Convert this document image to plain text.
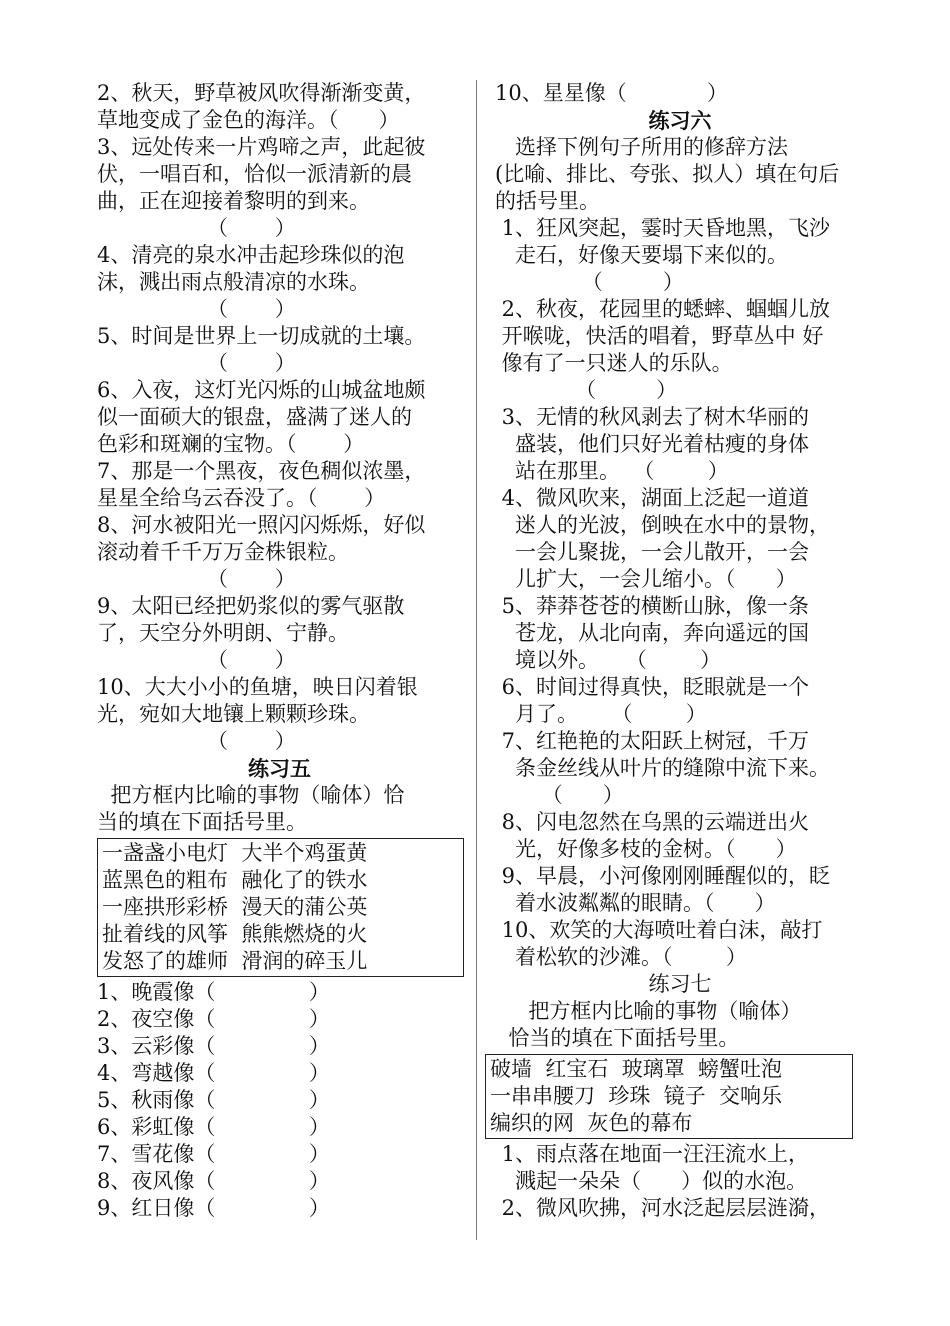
2、秋天，野草被风吹得渐渐变黄，

草地变成了金色的海洋。（      ）

3、远处传来一片鸡啼之声，此起彼

伏，一唱百和，恰似一派清新的晨

曲，正在迎接着黎明的到来。

（       ）

4、清亮的泉水冲击起珍珠似的泡

沫，溅出雨点般清凉的水珠。

（       ）

5、时间是世界上一切成就的土壤。

（       ）

6、入夜，这灯光闪烁的山城盆地颇

似一面硕大的银盘，盛满了迷人的

色彩和斑斓的宝物。（       ）

7、那是一个黑夜，夜色稠似浓墨，

星星全给乌云吞没了。（       ）

8、河水被阳光一照闪闪烁烁，好似

滚动着千千万万金株银粒。

（       ）

9、太阳已经把奶浆似的雾气驱散

了，天空分外明朗、宁静。

（       ）

10、大大小小的鱼塘，映日闪着银

光，宛如大地镶上颗颗珍珠。

（       ）

练习五

把方框内比喻的事物（喻体）恰

当的填在下面括号里。

一盏盏小电灯  大半个鸡蛋黄

蓝黑色的粗布  融化了的铁水

一座拱形彩桥  漫天的蒲公英

扯着线的风筝  熊熊燃烧的火

发怒了的雄师  滑润的碎玉儿

1、晚霞像（              ）

2、夜空像（              ）

3、云彩像（              ）

4、弯越像（              ）

5、秋雨像（              ）

6、彩虹像（              ）

7、雪花像（              ）

8、夜风像（              ）

9、红日像（              ）

10、星星像（            ）

练习六

选择下例句子所用的修辞方法

(比喻、排比、夸张、拟人）填在句后

的括号里。

1、狂风突起，霎时天昏地黑，飞沙

走石，好像天要塌下来似的。

（         ）

2、秋夜，花园里的蟋蟀、蝈蝈儿放

开喉咙，快活的唱着，野草丛中 好

像有了一只迷人的乐队。

（         ）

3、无情的秋风剥去了树木华丽的

盛装，他们只好光着枯瘦的身体

站在那里。  （        ）

4、微风吹来，湖面上泛起一道道

迷人的光波，倒映在水中的景物，

一会儿聚拢，一会儿散开，一会

儿扩大，一会儿缩小。（      ）

5、莽莽苍苍的横断山脉，像一条

苍龙，从北向南，奔向遥远的国

境以外。    （        ）

6、时间过得真快，眨眼就是一个

月了。     （        ）

7、红艳艳的太阳跃上树冠，千万

条金丝线从叶片的缝隙中流下来。

（      ）

8、闪电忽然在乌黑的云端迸出火

光，好像多枝的金树。（      ）

9、早晨，小河像刚刚睡醒似的，眨

着水波粼粼的眼睛。（      ）

10、欢笑的大海喷吐着白沫，敲打

着松软的沙滩。（        ）

练习七

把方框内比喻的事物（喻体）

恰当的填在下面括号里。

破墙  红宝石  玻璃罩  螃蟹吐泡

一串串腰刀  珍珠  镜子  交响乐

编织的网  灰色的幕布

1、雨点落在地面一汪汪流水上，

溅起一朵朵（      ）似的水泡。

2、微风吹拂，河水泛起层层涟漪，
